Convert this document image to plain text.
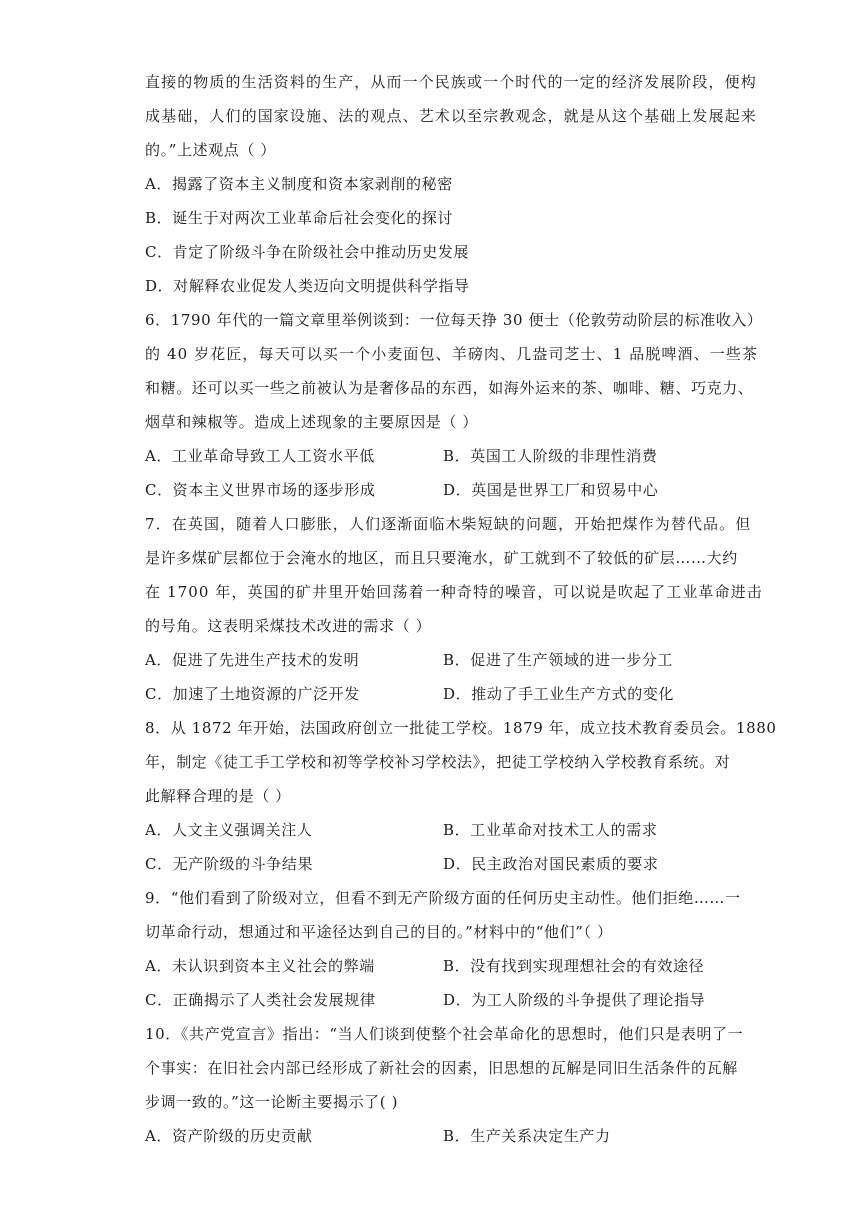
直接的物质的生活资料的生产，从而一个民族或一个时代的一定的经济发展阶段，便构
成基础，人们的国家设施、法的观点、艺术以至宗教观念，就是从这个基础上发展起来
的。”上述观点（ ）
A．揭露了资本主义制度和资本家剥削的秘密
B．诞生于对两次工业革命后社会变化的探讨
C．肯定了阶级斗争在阶级社会中推动历史发展
D．对解释农业促发人类迈向文明提供科学指导
6．1790 年代的一篇文章里举例谈到：一位每天挣 30 便士（伦敦劳动阶层的标准收入）
的 40 岁花匠，每天可以买一个小麦面包、羊磅肉、几盎司芝士、1 品脱啤酒、一些茶
和糖。还可以买一些之前被认为是奢侈品的东西，如海外运来的茶、咖啡、糖、巧克力、
烟草和辣椒等。造成上述现象的主要原因是（ ）
A．工业革命导致工人工资水平低	B．英国工人阶级的非理性消费
C．资本主义世界市场的逐步形成	D．英国是世界工厂和贸易中心
7．在英国，随着人口膨胀，人们逐渐面临木柴短缺的问题，开始把煤作为替代品。但
是许多煤矿层都位于会淹水的地区，而且只要淹水，矿工就到不了较低的矿层……大约
在 1700 年，英国的矿井里开始回荡着一种奇特的噪音，可以说是吹起了工业革命进击
的号角。这表明采煤技术改进的需求（ ）
A．促进了先进生产技术的发明	B．促进了生产领域的进一步分工
C．加速了土地资源的广泛开发	D．推动了手工业生产方式的变化
8．从 1872 年开始，法国政府创立一批徒工学校。1879 年，成立技术教育委员会。1880
年，制定《徒工手工学校和初等学校补习学校法》，把徒工学校纳入学校教育系统。对
此解释合理的是（ ）
A．人文主义强调关注人	B．工业革命对技术工人的需求
C．无产阶级的斗争结果	D．民主政治对国民素质的要求
9．“他们看到了阶级对立，但看不到无产阶级方面的任何历史主动性。他们拒绝……一
切革命行动，想通过和平途径达到自己的目的。”材料中的“他们”（ ）
A．未认识到资本主义社会的弊端	B．没有找到实现理想社会的有效途径
C．正确揭示了人类社会发展规律	D．为工人阶级的斗争提供了理论指导
10．《共产党宣言》指出：“当人们谈到使整个社会革命化的思想时，他们只是表明了一
个事实：在旧社会内部已经形成了新社会的因素，旧思想的瓦解是同旧生活条件的瓦解
步调一致的。”这一论断主要揭示了( )
A．资产阶级的历史贡献	B．生产关系决定生产力
